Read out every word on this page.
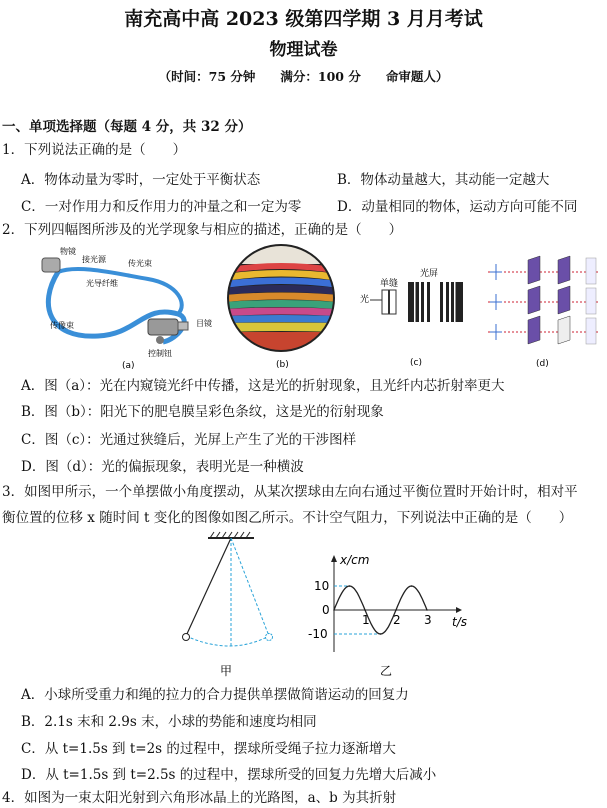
南充高中高 2023 级第四学期 3 月月考试
物理试卷
（时间：75 分钟　　满分：100 分　　命审题人）
一、单项选择题（每题 4 分，共 32 分）
1．下列说法正确的是（　　）
A．物体动量为零时，一定处于平衡状态	B．物体动量越大，其动能一定越大
C．一对作用力和反作用力的冲量之和一定为零	D．动量相同的物体，运动方向可能不同
2．下列四幅图所涉及的光学现象与相应的描述，正确的是（　　）
物镜
接光源	传光束
光导纤维
传像束	目镜
控制钮
(a)	(b)
光
单缝
光屏
(c)	(d)
A．图（a）：光在内窥镜光纤中传播，这是光的折射现象，且光纤内芯折射率更大
B．图（b）：阳光下的肥皂膜呈彩色条纹，这是光的衍射现象
C．图（c）：光通过狭缝后，光屏上产生了光的干涉图样
D．图（d）：光的偏振现象，表明光是一种横波
3．如图甲所示，一个单摆做小角度摆动，从某次摆球由左向右通过平衡位置时开始计时，相对平
衡位置的位移 x 随时间 t 变化的图像如图乙所示。不计空气阻力，下列说法中正确的是（　　）
甲	乙
1 2 3
10
0
-10
t/s
x/cm
A．小球所受重力和绳的拉力的合力提供单摆做简谐运动的回复力
B．2.1s 末和 2.9s 末，小球的势能和速度均相同
C．从 t=1.5s 到 t=2s 的过程中，摆球所受绳子拉力逐渐增大
D．从 t=1.5s 到 t=2.5s 的过程中，摆球所受的回复力先增大后减小
4．如图为一束太阳光射到六角形冰晶上的光路图，a、b 为其折射
